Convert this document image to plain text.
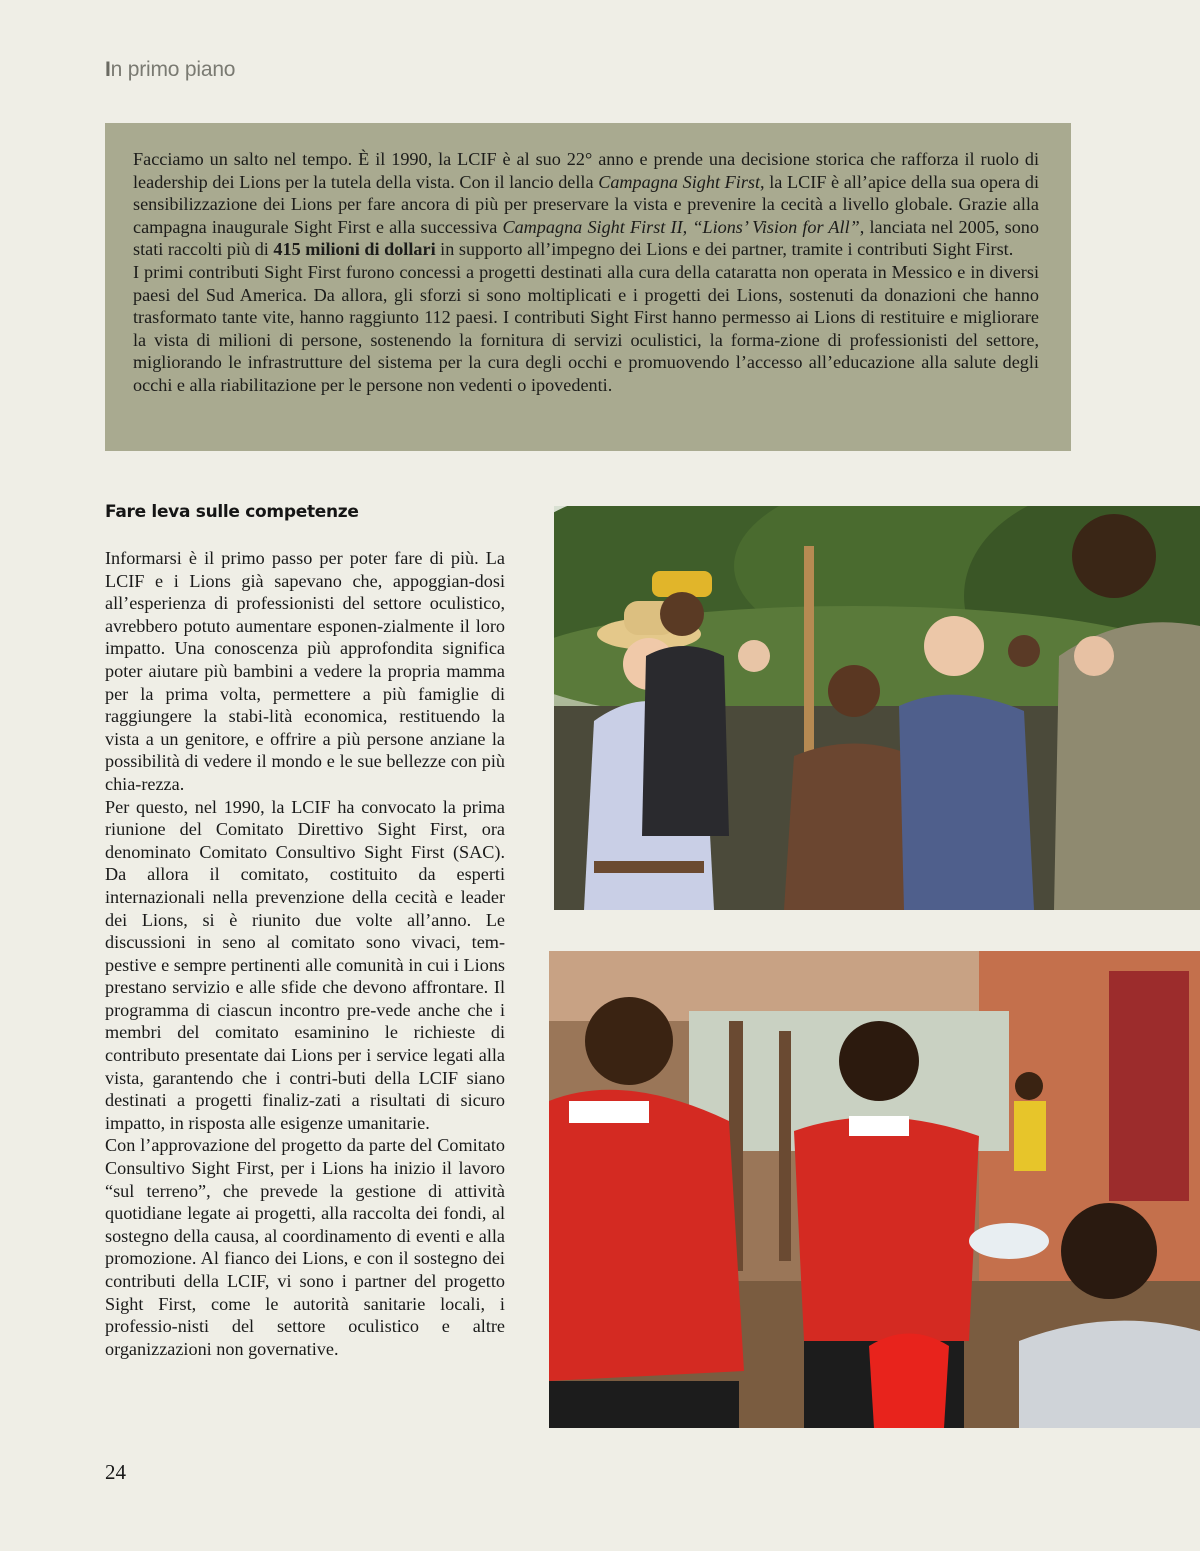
In primo piano

Facciamo un salto nel tempo. È il 1990, la LCIF è al suo 22° anno e prende una decisione storica che rafforza il ruolo di leadership dei Lions per la tutela della vista. Con il lancio della Campagna Sight First, la LCIF è all’apice della sua opera di sensibilizzazione dei Lions per fare ancora di più per preservare la vista e prevenire la cecità a livello globale. Grazie alla campagna inaugurale Sight First e alla successiva Campagna Sight First II, “Lions’ Vision for All”, lanciata nel 2005, sono stati raccolti più di 415 milioni di dollari in supporto all’impegno dei Lions e dei partner, tramite i contributi Sight First.

I primi contributi Sight First furono concessi a progetti destinati alla cura della cataratta non operata in Messico e in diversi paesi del Sud America. Da allora, gli sforzi si sono moltiplicati e i progetti dei Lions, sostenuti da donazioni che hanno trasformato tante vite, hanno raggiunto 112 paesi. I contributi Sight First hanno permesso ai Lions di restituire e migliorare la vista di milioni di persone, sostenendo la fornitura di servizi oculistici, la forma-zione di professionisti del settore, migliorando le infrastrutture del sistema per la cura degli occhi e promuovendo l’accesso all’educazione alla salute degli occhi e alla riabilitazione per le persone non vedenti o ipovedenti.

Fare leva sulle competenze

Informarsi è il primo passo per poter fare di più. La LCIF e i Lions già sapevano che, appoggian-dosi all’esperienza di professionisti del settore oculistico, avrebbero potuto aumentare esponen-zialmente il loro impatto. Una conoscenza più approfondita significa poter aiutare più bambini a vedere la propria mamma per la prima volta, permettere a più famiglie di raggiungere la stabi-lità economica, restituendo la vista a un genitore, e offrire a più persone anziane la possibilità di vedere il mondo e le sue bellezze con più chia-rezza.

Per questo, nel 1990, la LCIF ha convocato la prima riunione del Comitato Direttivo Sight First, ora denominato Comitato Consultivo Sight First (SAC). Da allora il comitato, costituito da esperti internazionali nella prevenzione della cecità e leader dei Lions, si è riunito due volte all’anno. Le discussioni in seno al comitato sono vivaci, tem-pestive e sempre pertinenti alle comunità in cui i Lions prestano servizio e alle sfide che devono affrontare. Il programma di ciascun incontro pre-vede anche che i membri del comitato esaminino le richieste di contributo presentate dai Lions per i service legati alla vista, garantendo che i contri-buti della LCIF siano destinati a progetti finaliz-zati a risultati di sicuro impatto, in risposta alle esigenze umanitarie.

Con l’approvazione del progetto da parte del Comitato Consultivo Sight First, per i Lions ha inizio il lavoro “sul terreno”, che prevede la gestione di attività quotidiane legate ai progetti, alla raccolta dei fondi, al sostegno della causa, al coordinamento di eventi e alla promozione. Al fianco dei Lions, e con il sostegno dei contributi della LCIF, vi sono i partner del progetto Sight First, come le autorità sanitarie locali, i professio-nisti del settore oculistico e altre organizzazioni non governative.

24
